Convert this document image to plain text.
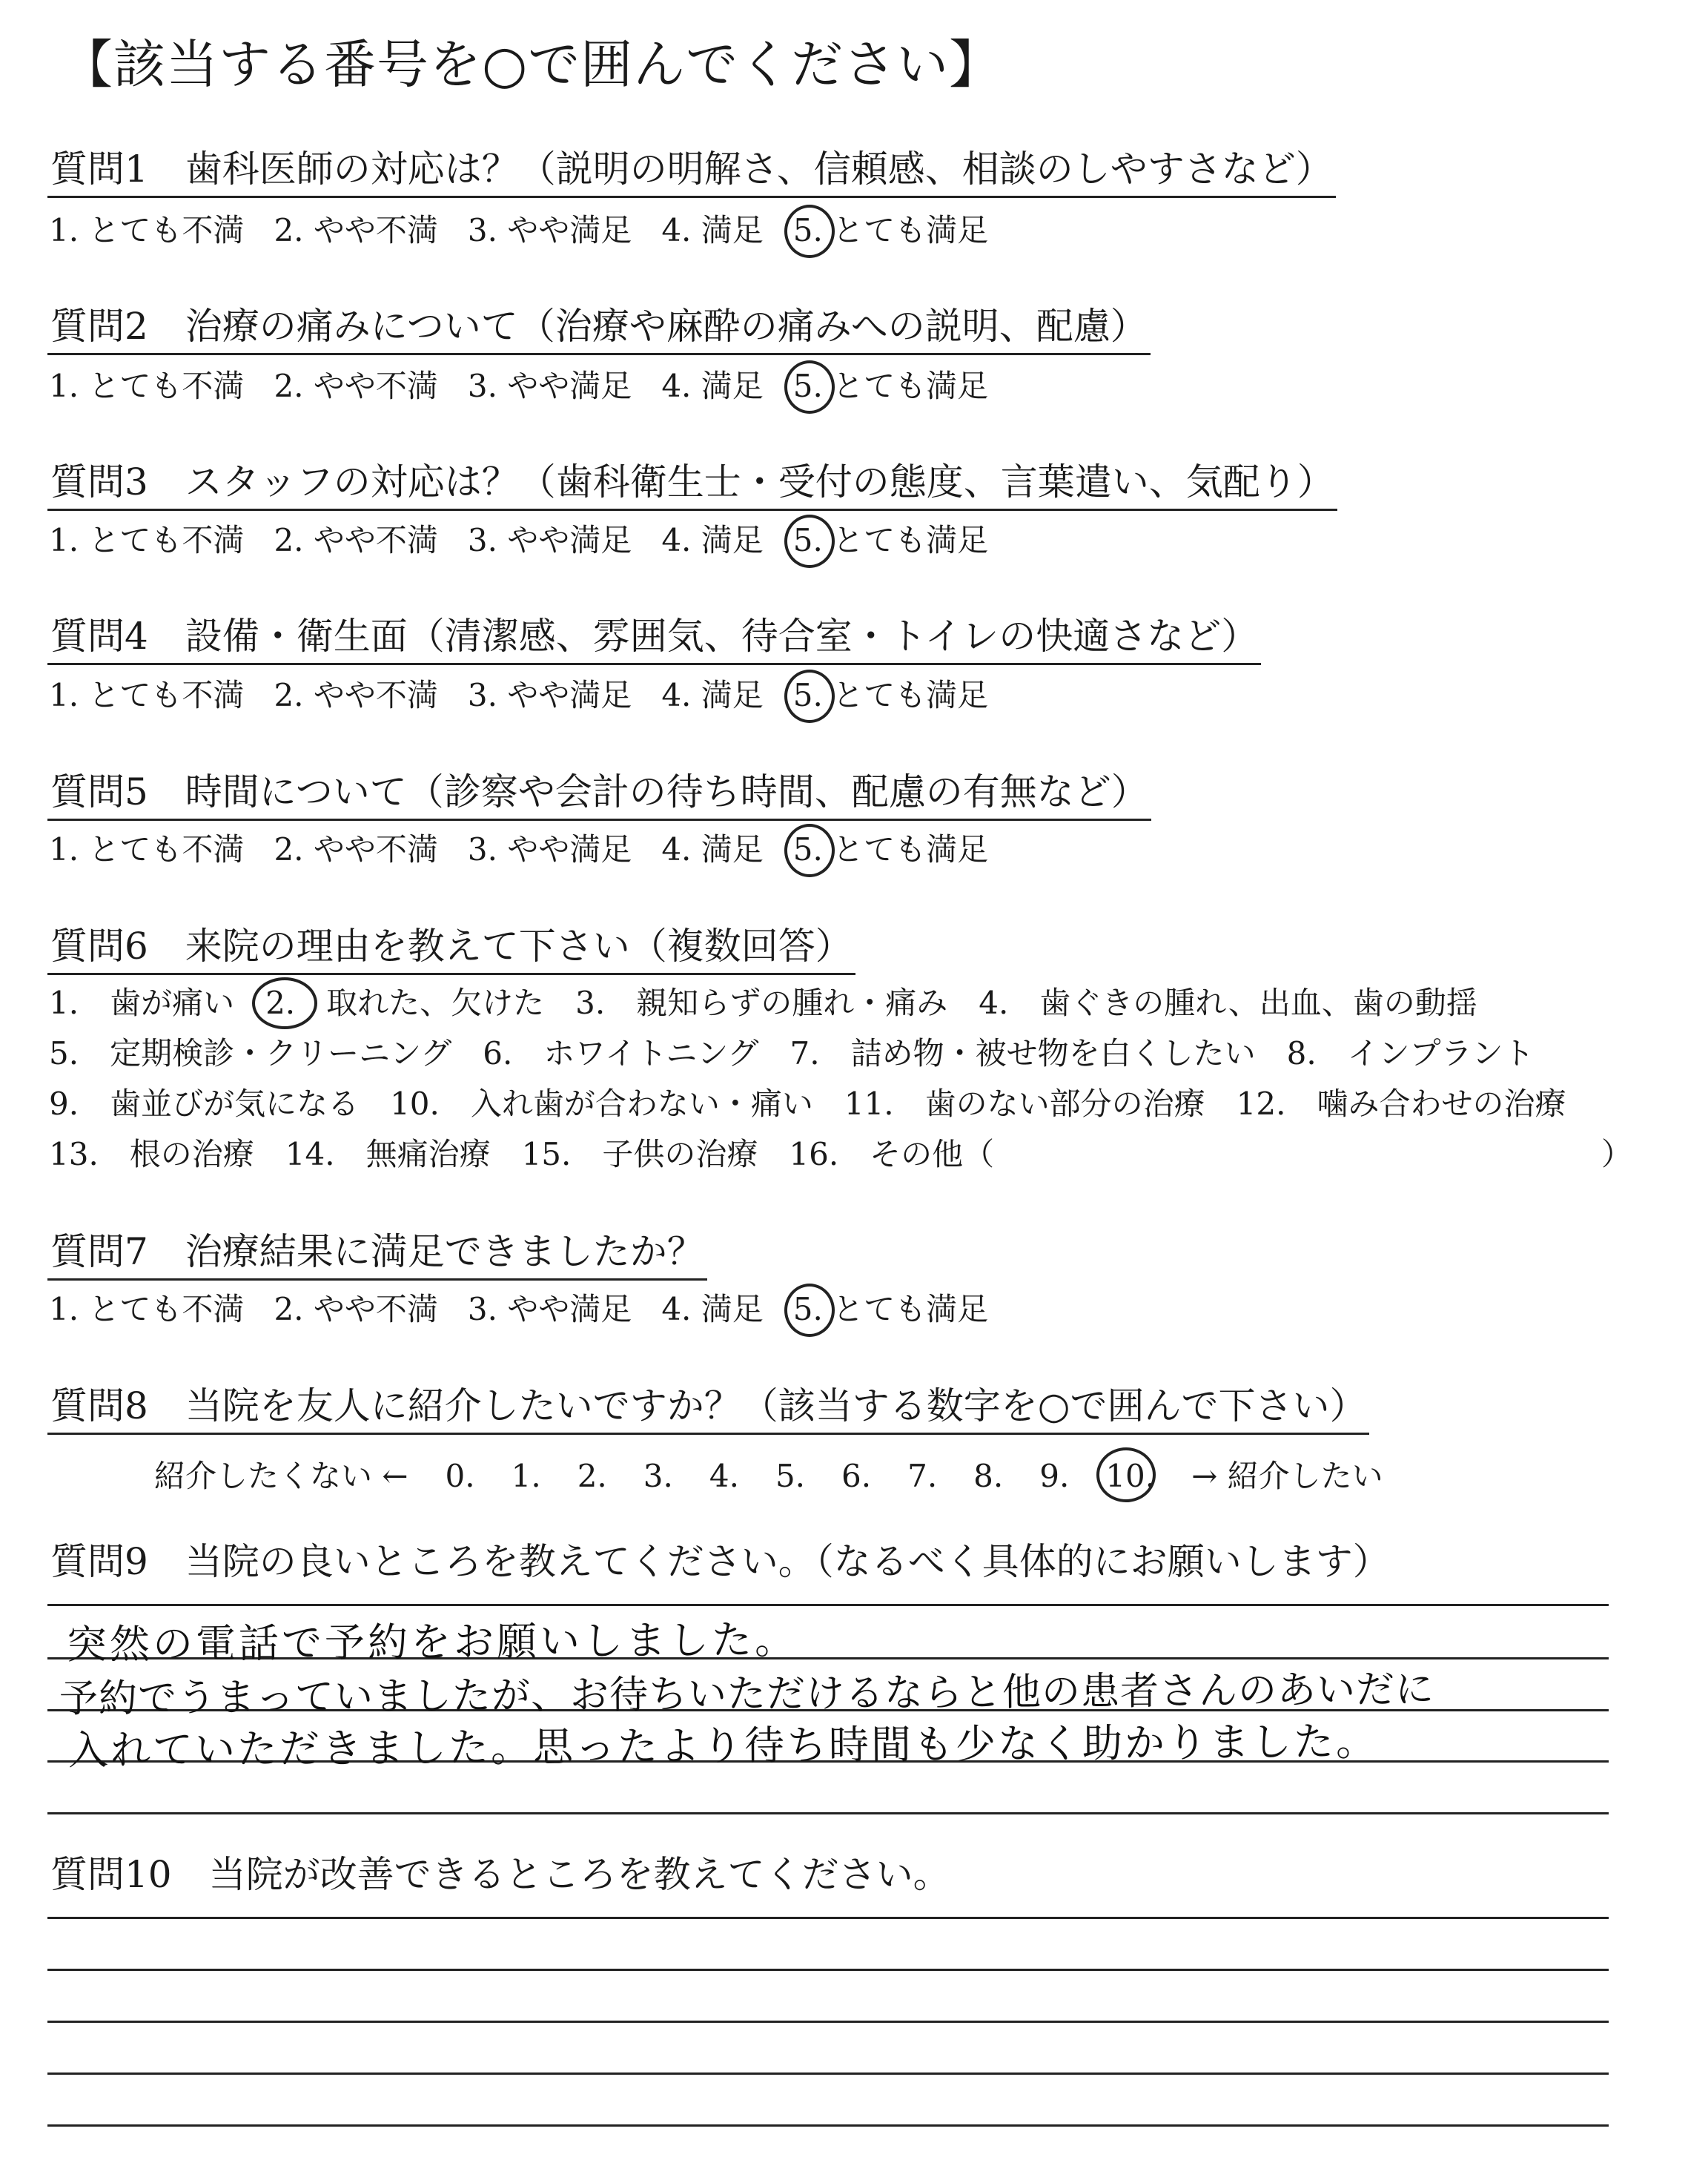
【該当する番号を○で囲んでください】
質問1　歯科医師の対応は？（説明の明解さ、信頼感、相談のしやすさなど）
1. とても不満 2. やや不満 3. やや満足 4. 満足 5. とても満足
質問2　治療の痛みについて（治療や麻酔の痛みへの説明、配慮）
1. とても不満 2. やや不満 3. やや満足 4. 満足 5. とても満足
質問3　スタッフの対応は？（歯科衛生士・受付の態度、言葉遣い、気配り）
1. とても不満 2. やや不満 3. やや満足 4. 満足 5. とても満足
質問4　設備・衛生面（清潔感、雰囲気、待合室・トイレの快適さなど）
1. とても不満 2. やや不満 3. やや満足 4. 満足 5. とても満足
質問5　時間について（診察や会計の待ち時間、配慮の有無など）
1. とても不満 2. やや不満 3. やや満足 4. 満足 5. とても満足
質問6　来院の理由を教えて下さい（複数回答）
1.　歯が痛い　2.　取れた、欠けた　3.　親知らずの腫れ・痛み　4.　歯ぐきの腫れ、出血、歯の動揺
5.　定期検診・クリーニング　6.　ホワイトニング　7.　詰め物・被せ物を白くしたい　8.　インプラント
9.　歯並びが気になる　10.　入れ歯が合わない・痛い　11.　歯のない部分の治療　12.　噛み合わせの治療
13.　根の治療　14.　無痛治療　15.　子供の治療　16.　その他（	）
質問7　治療結果に満足できましたか？
1. とても不満 2. やや不満 3. やや満足 4. 満足 5. とても満足
質問8　当院を友人に紹介したいですか？（該当する数字を○で囲んで下さい）
紹介したくない ← 0. 1. 2. 3. 4. 5. 6. 7. 8. 9. 10. → 紹介したい
質問9　当院の良いところを教えてください。（なるべく具体的にお願いします）
突然の電話で予約をお願いしました。
予約でうまっていましたが、お待ちいただけるならと他の患者さんのあいだに
入れていただきました。思ったより待ち時間も少なく助かりました。
質問10　当院が改善できるところを教えてください。
